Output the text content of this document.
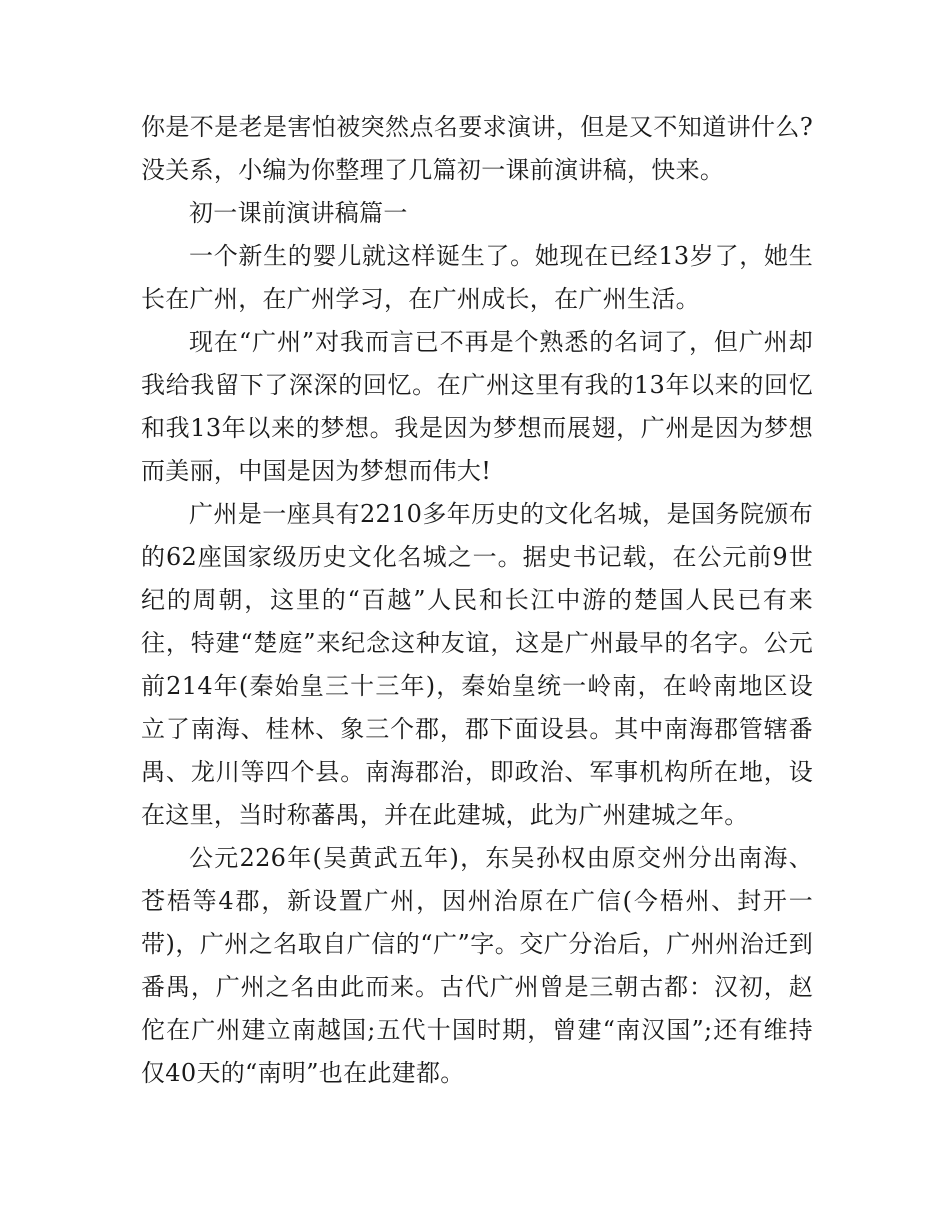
你是不是老是害怕被突然点名要求演讲，但是又不知道讲什么?没关系，小编为你整理了几篇初一课前演讲稿，快来。

初一课前演讲稿篇一

一个新生的婴儿就这样诞生了。她现在已经13岁了，她生长在广州，在广州学习，在广州成长，在广州生活。

现在“广州”对我而言已不再是个熟悉的名词了，但广州却我给我留下了深深的回忆。在广州这里有我的13年以来的回忆和我13年以来的梦想。我是因为梦想而展翅，广州是因为梦想而美丽，中国是因为梦想而伟大!

广州是一座具有2210多年历史的文化名城，是国务院颁布的62座国家级历史文化名城之一。据史书记载，在公元前9世纪的周朝，这里的“百越”人民和长江中游的楚国人民已有来往，特建“楚庭”来纪念这种友谊，这是广州最早的名字。公元前214年(秦始皇三十三年)，秦始皇统一岭南，在岭南地区设立了南海、桂林、象三个郡，郡下面设县。其中南海郡管辖番禺、龙川等四个县。南海郡治，即政治、军事机构所在地，设在这里，当时称蕃禺，并在此建城，此为广州建城之年。

公元226年(吴黄武五年)，东吴孙权由原交州分出南海、苍梧等4郡，新设置广州，因州治原在广信(今梧州、封开一带)，广州之名取自广信的“广”字。交广分治后，广州州治迁到番禺，广州之名由此而来。古代广州曾是三朝古都：汉初，赵佗在广州建立南越国;五代十国时期，曾建“南汉国”;还有维持仅40天的“南明”也在此建都。
